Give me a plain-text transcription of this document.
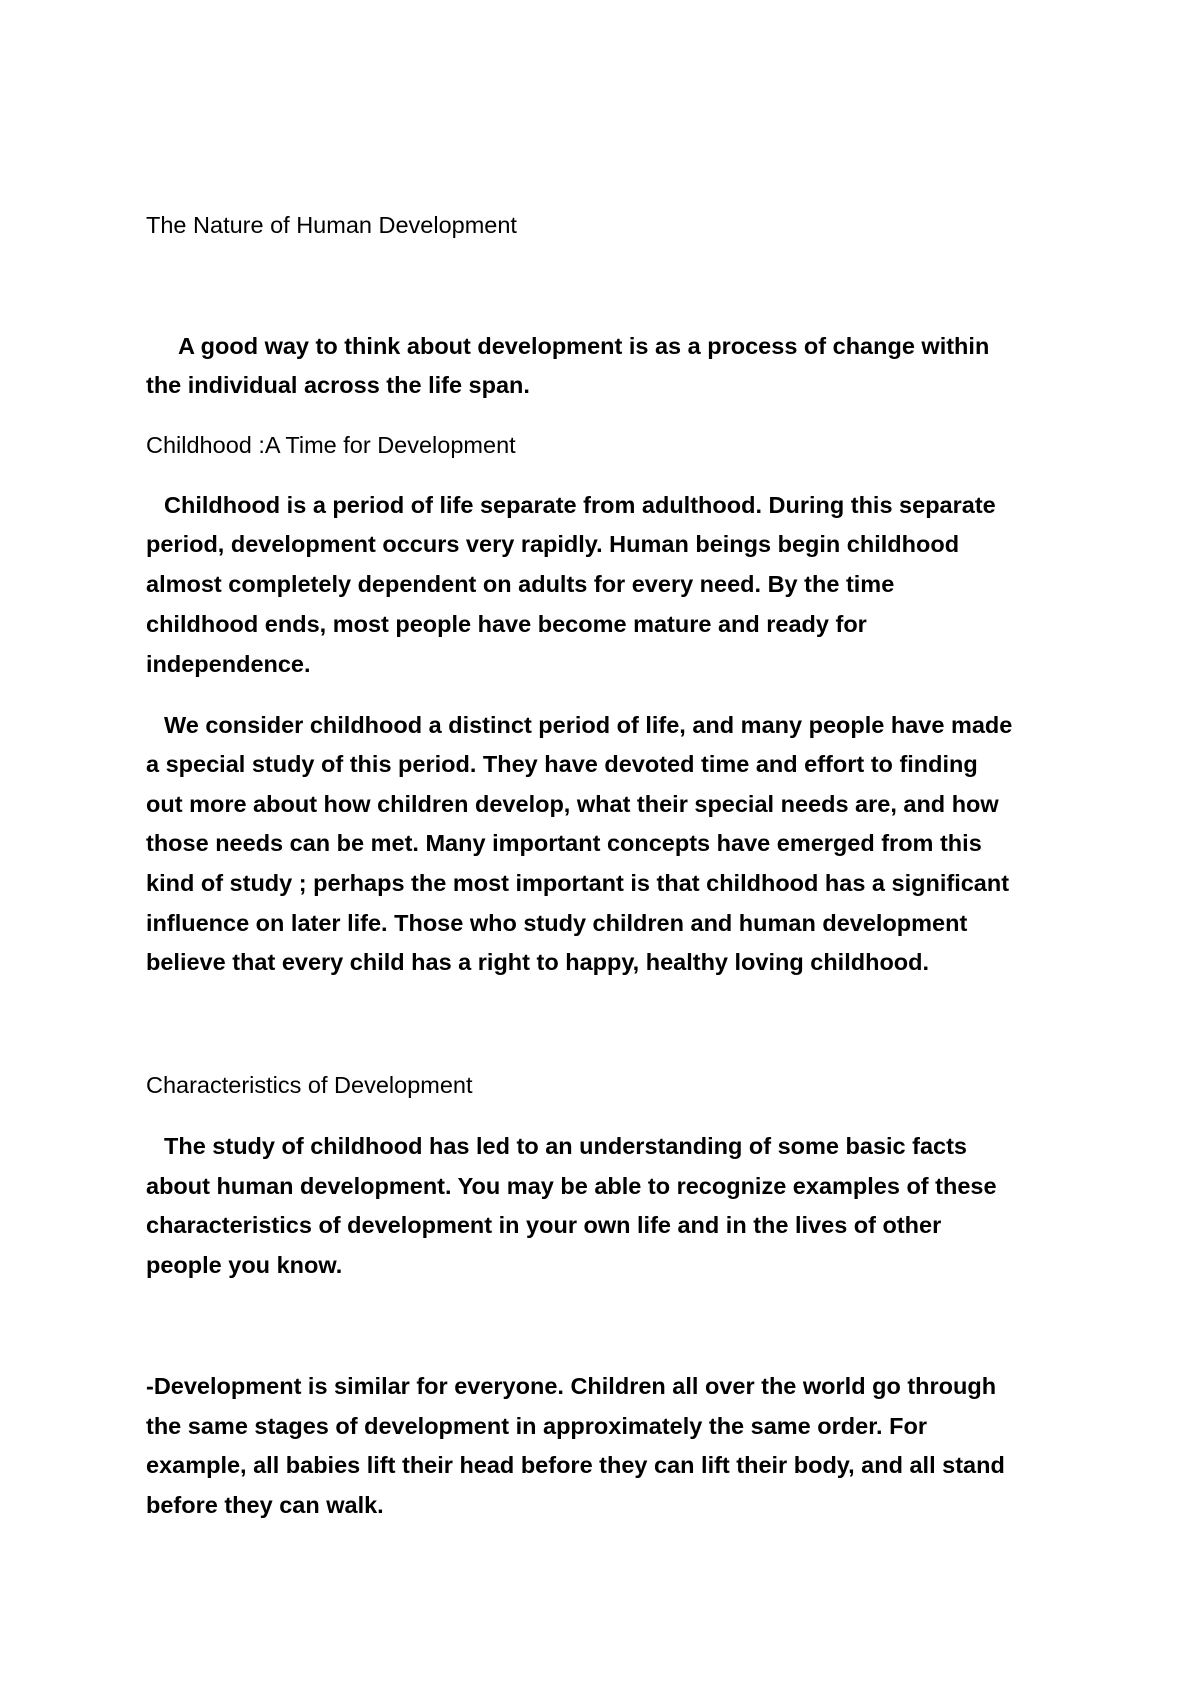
The Nature of Human Development

A good way to think about development is as a process of change within

the individual across the life span.

Childhood :A Time for Development

Childhood is a period of life separate from adulthood. During this separate

period, development occurs very rapidly. Human beings begin childhood

almost completely dependent on adults for every need. By the time

childhood ends, most people have become mature and ready for

independence.

We consider childhood a distinct period of life, and many people have made

a special study of this period. They have devoted time and effort to finding

out more about how children develop, what their special needs are, and how

those needs can be met. Many important concepts have emerged from this

kind of study ; perhaps the most important is that childhood has a significant

influence on later life. Those who study children and human development

believe that every child has a right to happy, healthy loving childhood.

Characteristics of Development

The study of childhood has led to an understanding of some basic facts

about human development. You may be able to recognize examples of these

characteristics of development in your own life and in the lives of other

people you know.

-Development is similar for everyone. Children all over the world go through

the same stages of development in approximately the same order. For

example, all babies lift their head before they can lift their body, and all stand

before they can walk.
